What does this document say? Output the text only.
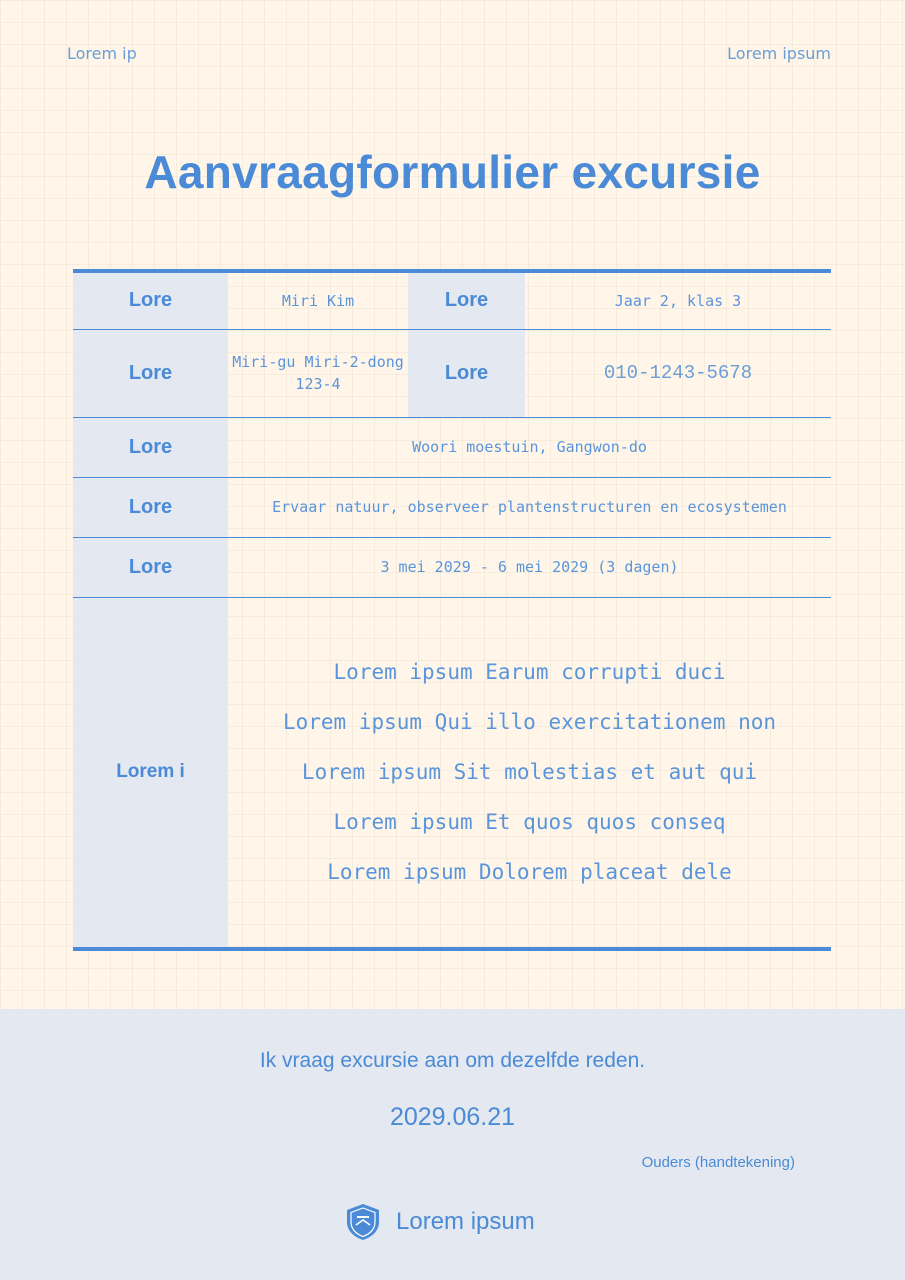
Lorem ip	Lorem ipsum
Aanvraagformulier excursie
Lore	Miri Kim	Lore	Jaar 2, klas 3
Lore	Miri-gu Miri-2-dong 123-4	Lore	010-1243-5678
Lore	Woori moestuin, Gangwon-do		
Lore	Ervaar natuur, observeer plantenstructuren en ecosystemen		
Lore	3 mei 2029 - 6 mei 2029 (3 dagen)		
Lorem i	Lorem ipsum Earum corrupti duci
Lorem ipsum Qui illo exercitationem non
Lorem ipsum Sit molestias et aut qui
Lorem ipsum Et quos quos conseq
Lorem ipsum Dolorem placeat dele		
Ik vraag excursie aan om dezelfde reden.
2029.06.21
Ouders (handtekening)
Lorem ipsum
